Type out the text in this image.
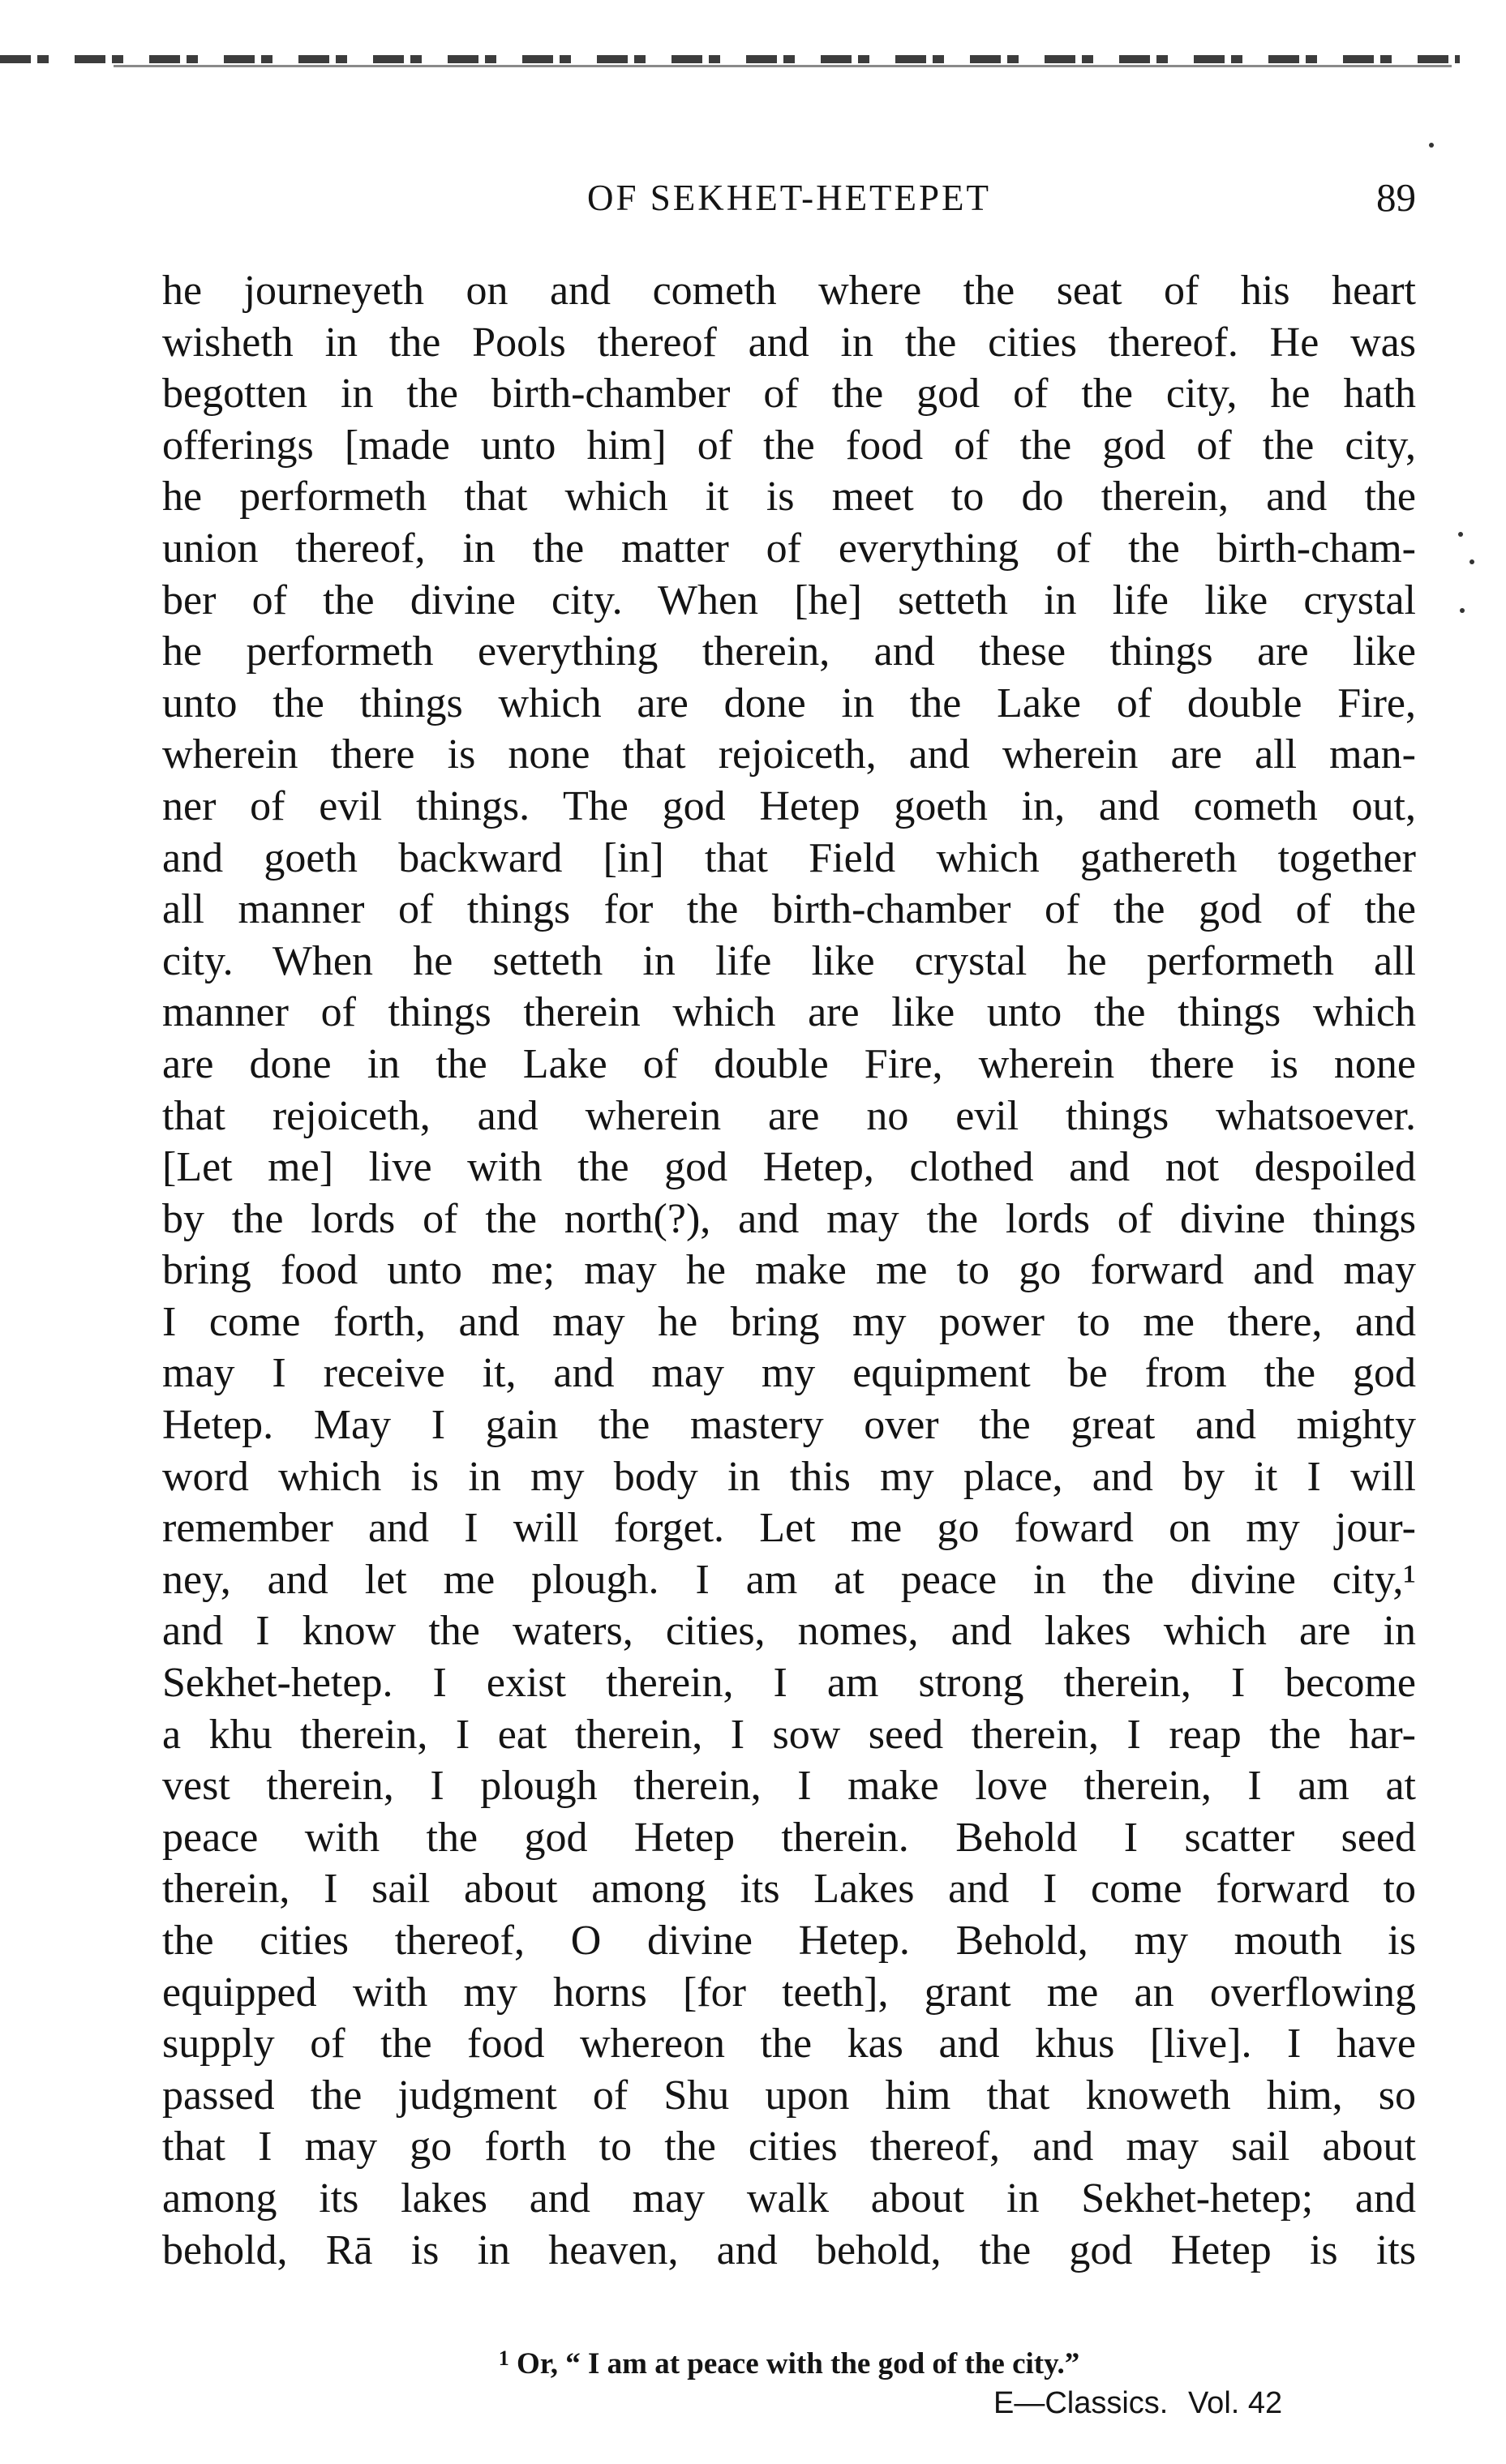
OF SEKHET-HETEPET	89
he journeyeth on and cometh where the seat of his heart
wisheth in the Pools thereof and in the cities thereof. He was
begotten in the birth-chamber of the god of the city, he hath
offerings [made unto him] of the food of the god of the city,
he performeth that which it is meet to do therein, and the
union thereof, in the matter of everything of the birth-cham-
ber of the divine city. When [he] setteth in life like crystal
he performeth everything therein, and these things are like
unto the things which are done in the Lake of double Fire,
wherein there is none that rejoiceth, and wherein are all man-
ner of evil things. The god Hetep goeth in, and cometh out,
and goeth backward [in] that Field which gathereth together
all manner of things for the birth-chamber of the god of the
city. When he setteth in life like crystal he performeth all
manner of things therein which are like unto the things which
are done in the Lake of double Fire, wherein there is none
that rejoiceth, and wherein are no evil things whatsoever.
[Let me] live with the god Hetep, clothed and not despoiled
by the lords of the north(?), and may the lords of divine things
bring food unto me; may he make me to go forward and may
I come forth, and may he bring my power to me there, and
may I receive it, and may my equipment be from the god
Hetep. May I gain the mastery over the great and mighty
word which is in my body in this my place, and by it I will
remember and I will forget. Let me go foward on my jour-
ney, and let me plough. I am at peace in the divine city,¹
and I know the waters, cities, nomes, and lakes which are in
Sekhet-hetep. I exist therein, I am strong therein, I become
a khu therein, I eat therein, I sow seed therein, I reap the har-
vest therein, I plough therein, I make love therein, I am at
peace with the god Hetep therein. Behold I scatter seed
therein, I sail about among its Lakes and I come forward to
the cities thereof, O divine Hetep. Behold, my mouth is
equipped with my horns [for teeth], grant me an overflowing
supply of the food whereon the kas and khus [live]. I have
passed the judgment of Shu upon him that knoweth him, so
that I may go forth to the cities thereof, and may sail about
among its lakes and may walk about in Sekhet-hetep; and
behold, Rā is in heaven, and behold, the god Hetep is its
$^1$ Or, “ I am at peace with the god of the city.”
E—Classics. Vol. 42
